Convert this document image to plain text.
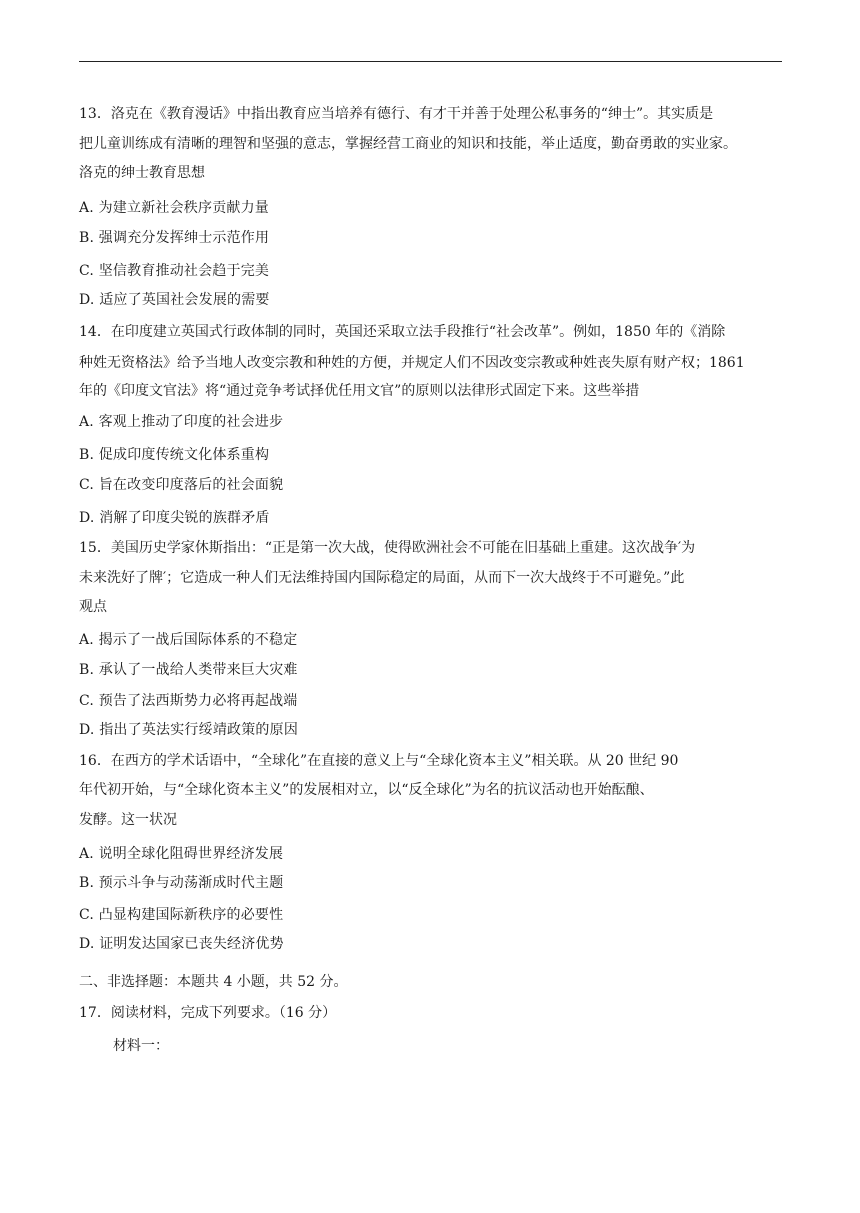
13．洛克在《教育漫话》中指出教育应当培养有德行、有才干并善于处理公私事务的“绅士”。其实质是
把儿童训练成有清晰的理智和坚强的意志，掌握经营工商业的知识和技能，举止适度，勤奋勇敢的实业家。
洛克的绅士教育思想
A. 为建立新社会秩序贡献力量
B. 强调充分发挥绅士示范作用
C. 坚信教育推动社会趋于完美
D. 适应了英国社会发展的需要
14．在印度建立英国式行政体制的同时，英国还采取立法手段推行“社会改革”。例如，1850 年的《消除
种姓无资格法》给予当地人改变宗教和种姓的方便，并规定人们不因改变宗教或种姓丧失原有财产权；1861
年的《印度文官法》将“通过竞争考试择优任用文官”的原则以法律形式固定下来。这些举措
A. 客观上推动了印度的社会进步
B. 促成印度传统文化体系重构
C. 旨在改变印度落后的社会面貌
D. 消解了印度尖锐的族群矛盾
15．美国历史学家休斯指出：“正是第一次大战，使得欧洲社会不可能在旧基础上重建。这次战争′为
未来洗好了牌′；它造成一种人们无法维持国内国际稳定的局面，从而下一次大战终于不可避免。”此
观点
A. 揭示了一战后国际体系的不稳定
B. 承认了一战给人类带来巨大灾难
C. 预告了法西斯势力必将再起战端
D. 指出了英法实行绥靖政策的原因
16．在西方的学术话语中，“全球化”在直接的意义上与“全球化资本主义”相关联。从 20 世纪 90
年代初开始，与“全球化资本主义”的发展相对立，以“反全球化”为名的抗议活动也开始酝酿、
发酵。这一状况
A. 说明全球化阻碍世界经济发展
B. 预示斗争与动荡渐成时代主题
C. 凸显构建国际新秩序的必要性
D. 证明发达国家已丧失经济优势
二、非选择题：本题共 4 小题，共 52 分。
17．阅读材料，完成下列要求。（16 分）
材料一：
